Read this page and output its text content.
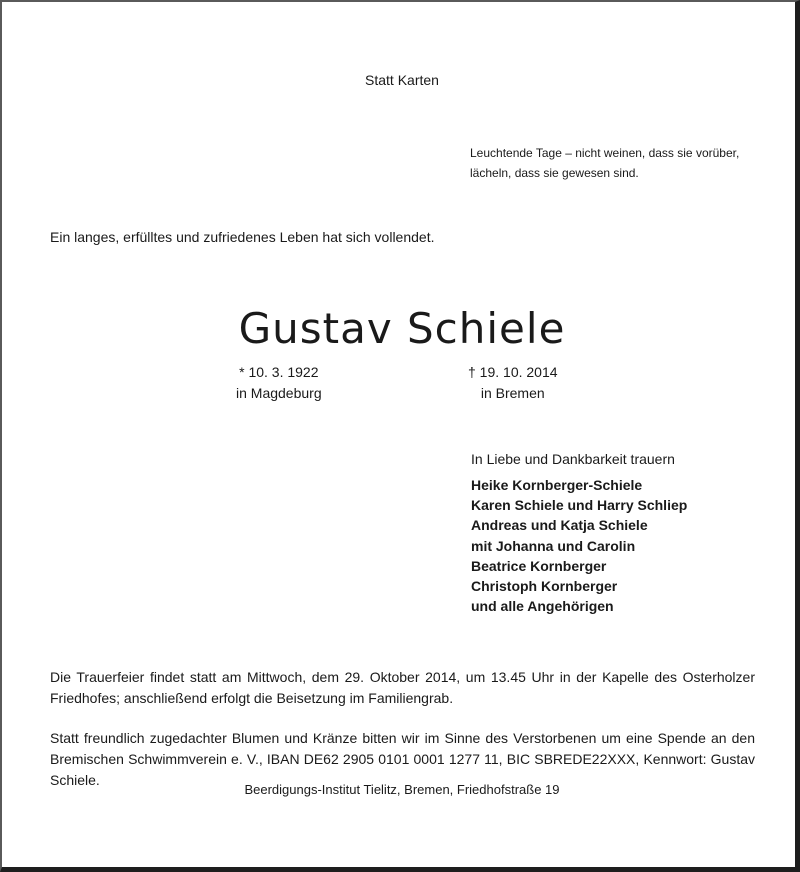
Statt Karten
Leuchtende Tage – nicht weinen, dass sie vorüber,
lächeln, dass sie gewesen sind.
Ein langes, erfülltes und zufriedenes Leben hat sich vollendet.
Gustav Schiele
* 10. 3. 1922
in Magdeburg
† 19. 10. 2014
in Bremen
In Liebe und Dankbarkeit trauern
Heike Kornberger-Schiele
Karen Schiele und Harry Schliep
Andreas und Katja Schiele
mit Johanna und Carolin
Beatrice Kornberger
Christoph Kornberger
und alle Angehörigen
Die Trauerfeier findet statt am Mittwoch, dem 29. Oktober 2014, um 13.45 Uhr in der Kapelle des Osterholzer Friedhofes; anschließend erfolgt die Beisetzung im Familiengrab.
Statt freundlich zugedachter Blumen und Kränze bitten wir im Sinne des Verstorbenen um eine Spende an den Bremischen Schwimmverein e. V., IBAN DE62 2905 0101 0001 1277 11, BIC SBREDE22XXX, Kennwort: Gustav Schiele.
Beerdigungs-Institut Tielitz, Bremen, Friedhofstraße 19
